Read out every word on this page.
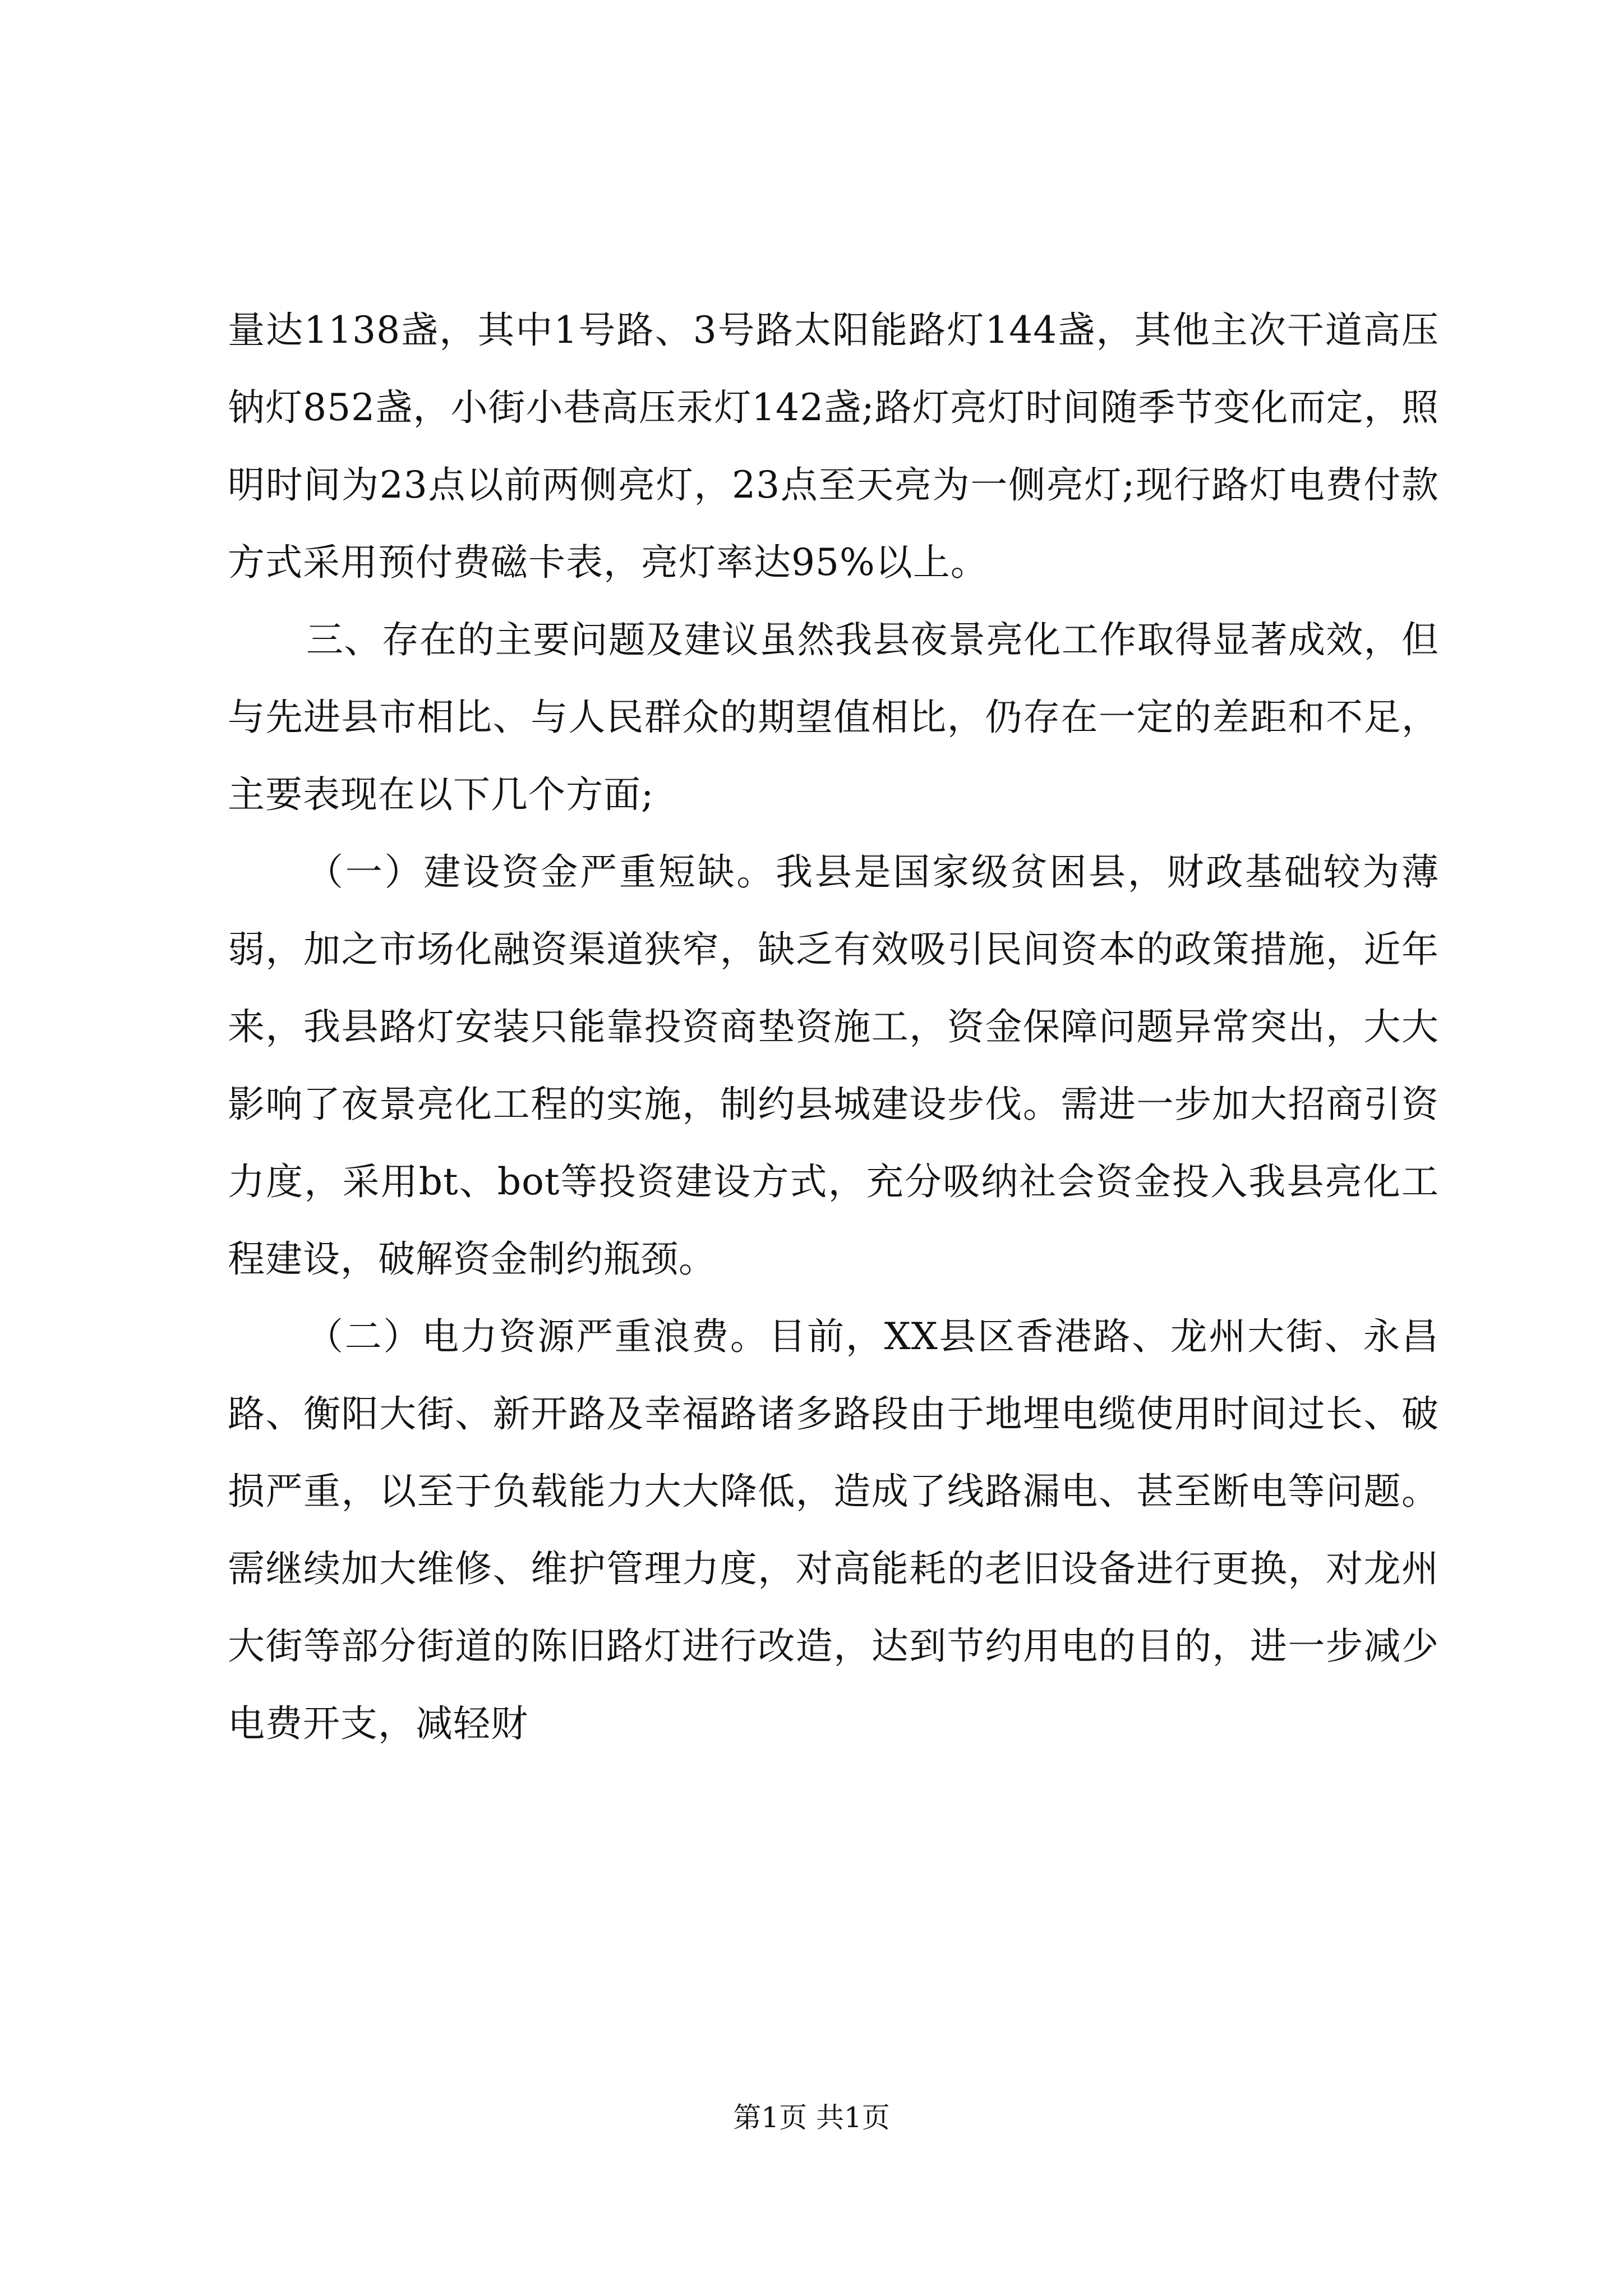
量达1138盏，其中1号路、3号路太阳能路灯144盏，其他主次干道高压钠灯852盏，小街小巷高压汞灯142盏;路灯亮灯时间随季节变化而定，照明时间为23点以前两侧亮灯，23点至天亮为一侧亮灯;现行路灯电费付款方式采用预付费磁卡表，亮灯率达95%以上。

三、存在的主要问题及建议虽然我县夜景亮化工作取得显著成效，但与先进县市相比、与人民群众的期望值相比，仍存在一定的差距和不足，主要表现在以下几个方面;

（一）建设资金严重短缺。我县是国家级贫困县，财政基础较为薄弱，加之市场化融资渠道狭窄，缺乏有效吸引民间资本的政策措施，近年来，我县路灯安装只能靠投资商垫资施工，资金保障问题异常突出，大大影响了夜景亮化工程的实施，制约县城建设步伐。需进一步加大招商引资力度，采用bt、bot等投资建设方式，充分吸纳社会资金投入我县亮化工程建设，破解资金制约瓶颈。

（二）电力资源严重浪费。目前，XX县区香港路、龙州大街、永昌路、衡阳大街、新开路及幸福路诸多路段由于地埋电缆使用时间过长、破损严重，以至于负载能力大大降低，造成了线路漏电、甚至断电等问题。需继续加大维修、维护管理力度，对高能耗的老旧设备进行更换，对龙州大街等部分街道的陈旧路灯进行改造，达到节约用电的目的，进一步减少电费开支，减轻财

第1页 共1页
